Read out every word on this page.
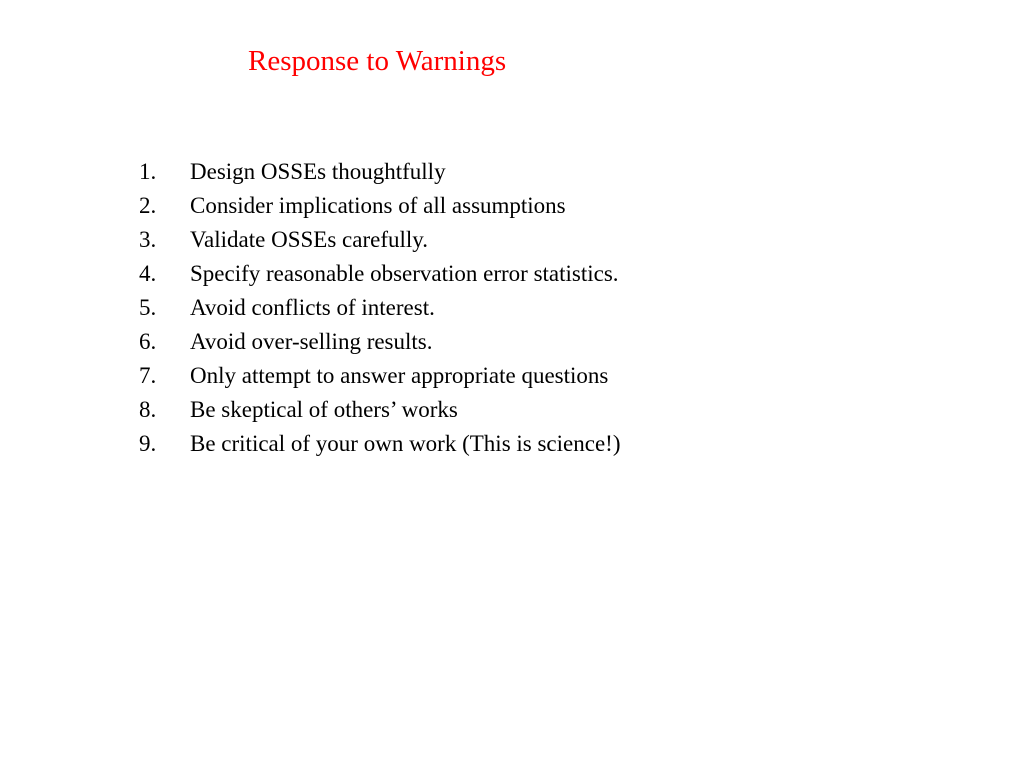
Response to Warnings
1.	Design OSSEs thoughtfully
2.	Consider implications of all assumptions
3.	Validate OSSEs carefully.
4.	Specify reasonable observation error statistics.
5.	Avoid conflicts of interest.
6.	Avoid over-selling results.
7.	Only attempt to answer appropriate questions
8.	Be skeptical of others’ works
9.	Be critical of your own work (This is science!)
